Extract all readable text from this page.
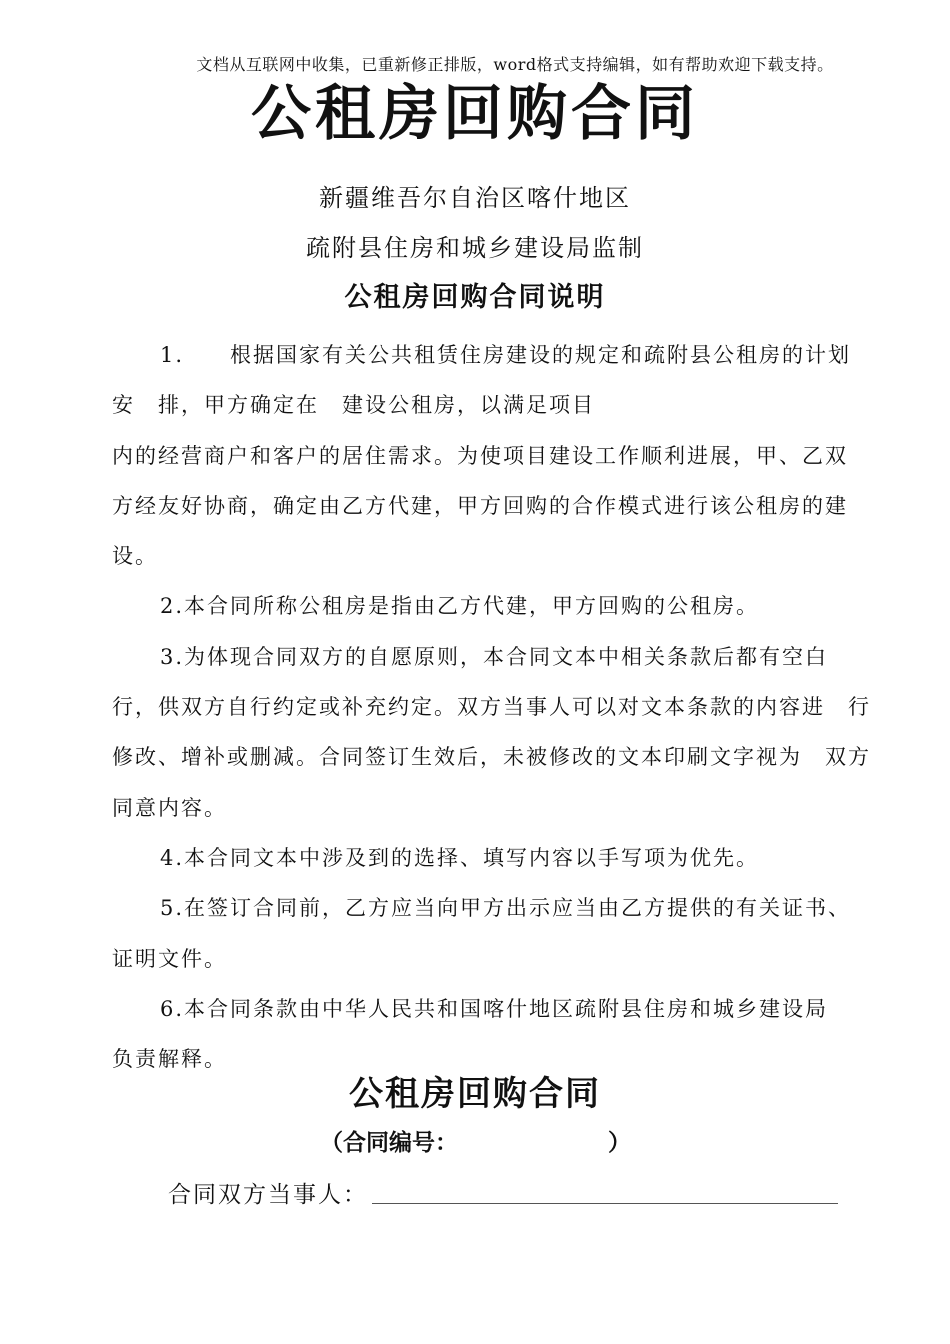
文档从互联网中收集，已重新修正排版，word格式支持编辑，如有帮助欢迎下载支持。
公租房回购合同
新疆维吾尔自治区喀什地区
疏附县住房和城乡建设局监制
公租房回购合同说明

1.　　根据国家有关公共租赁住房建设的规定和疏附县公租房的计划

安　排，甲方确定在　建设公租房，以满足项目
内的经营商户和客户的居住需求。为使项目建设工作顺利进展，甲、乙双
方经友好协商，确定由乙方代建，甲方回购的合作模式进行该公租房的建
设。

2.本合同所称公租房是指由乙方代建，甲方回购的公租房。

3.为体现合同双方的自愿原则，本合同文本中相关条款后都有空白

行，供双方自行约定或补充约定。双方当事人可以对文本条款的内容进　行
修改、增补或删减。合同签订生效后，未被修改的文本印刷文字视为　双方
同意内容。

4.本合同文本中涉及到的选择、填写内容以手写项为优先。

5.在签订合同前，乙方应当向甲方出示应当由乙方提供的有关证书、

证明文件。

6.本合同条款由中华人民共和国喀什地区疏附县住房和城乡建设局

负责解释。
公租房回购合同
（合同编号：	）
合同双方当事人：
